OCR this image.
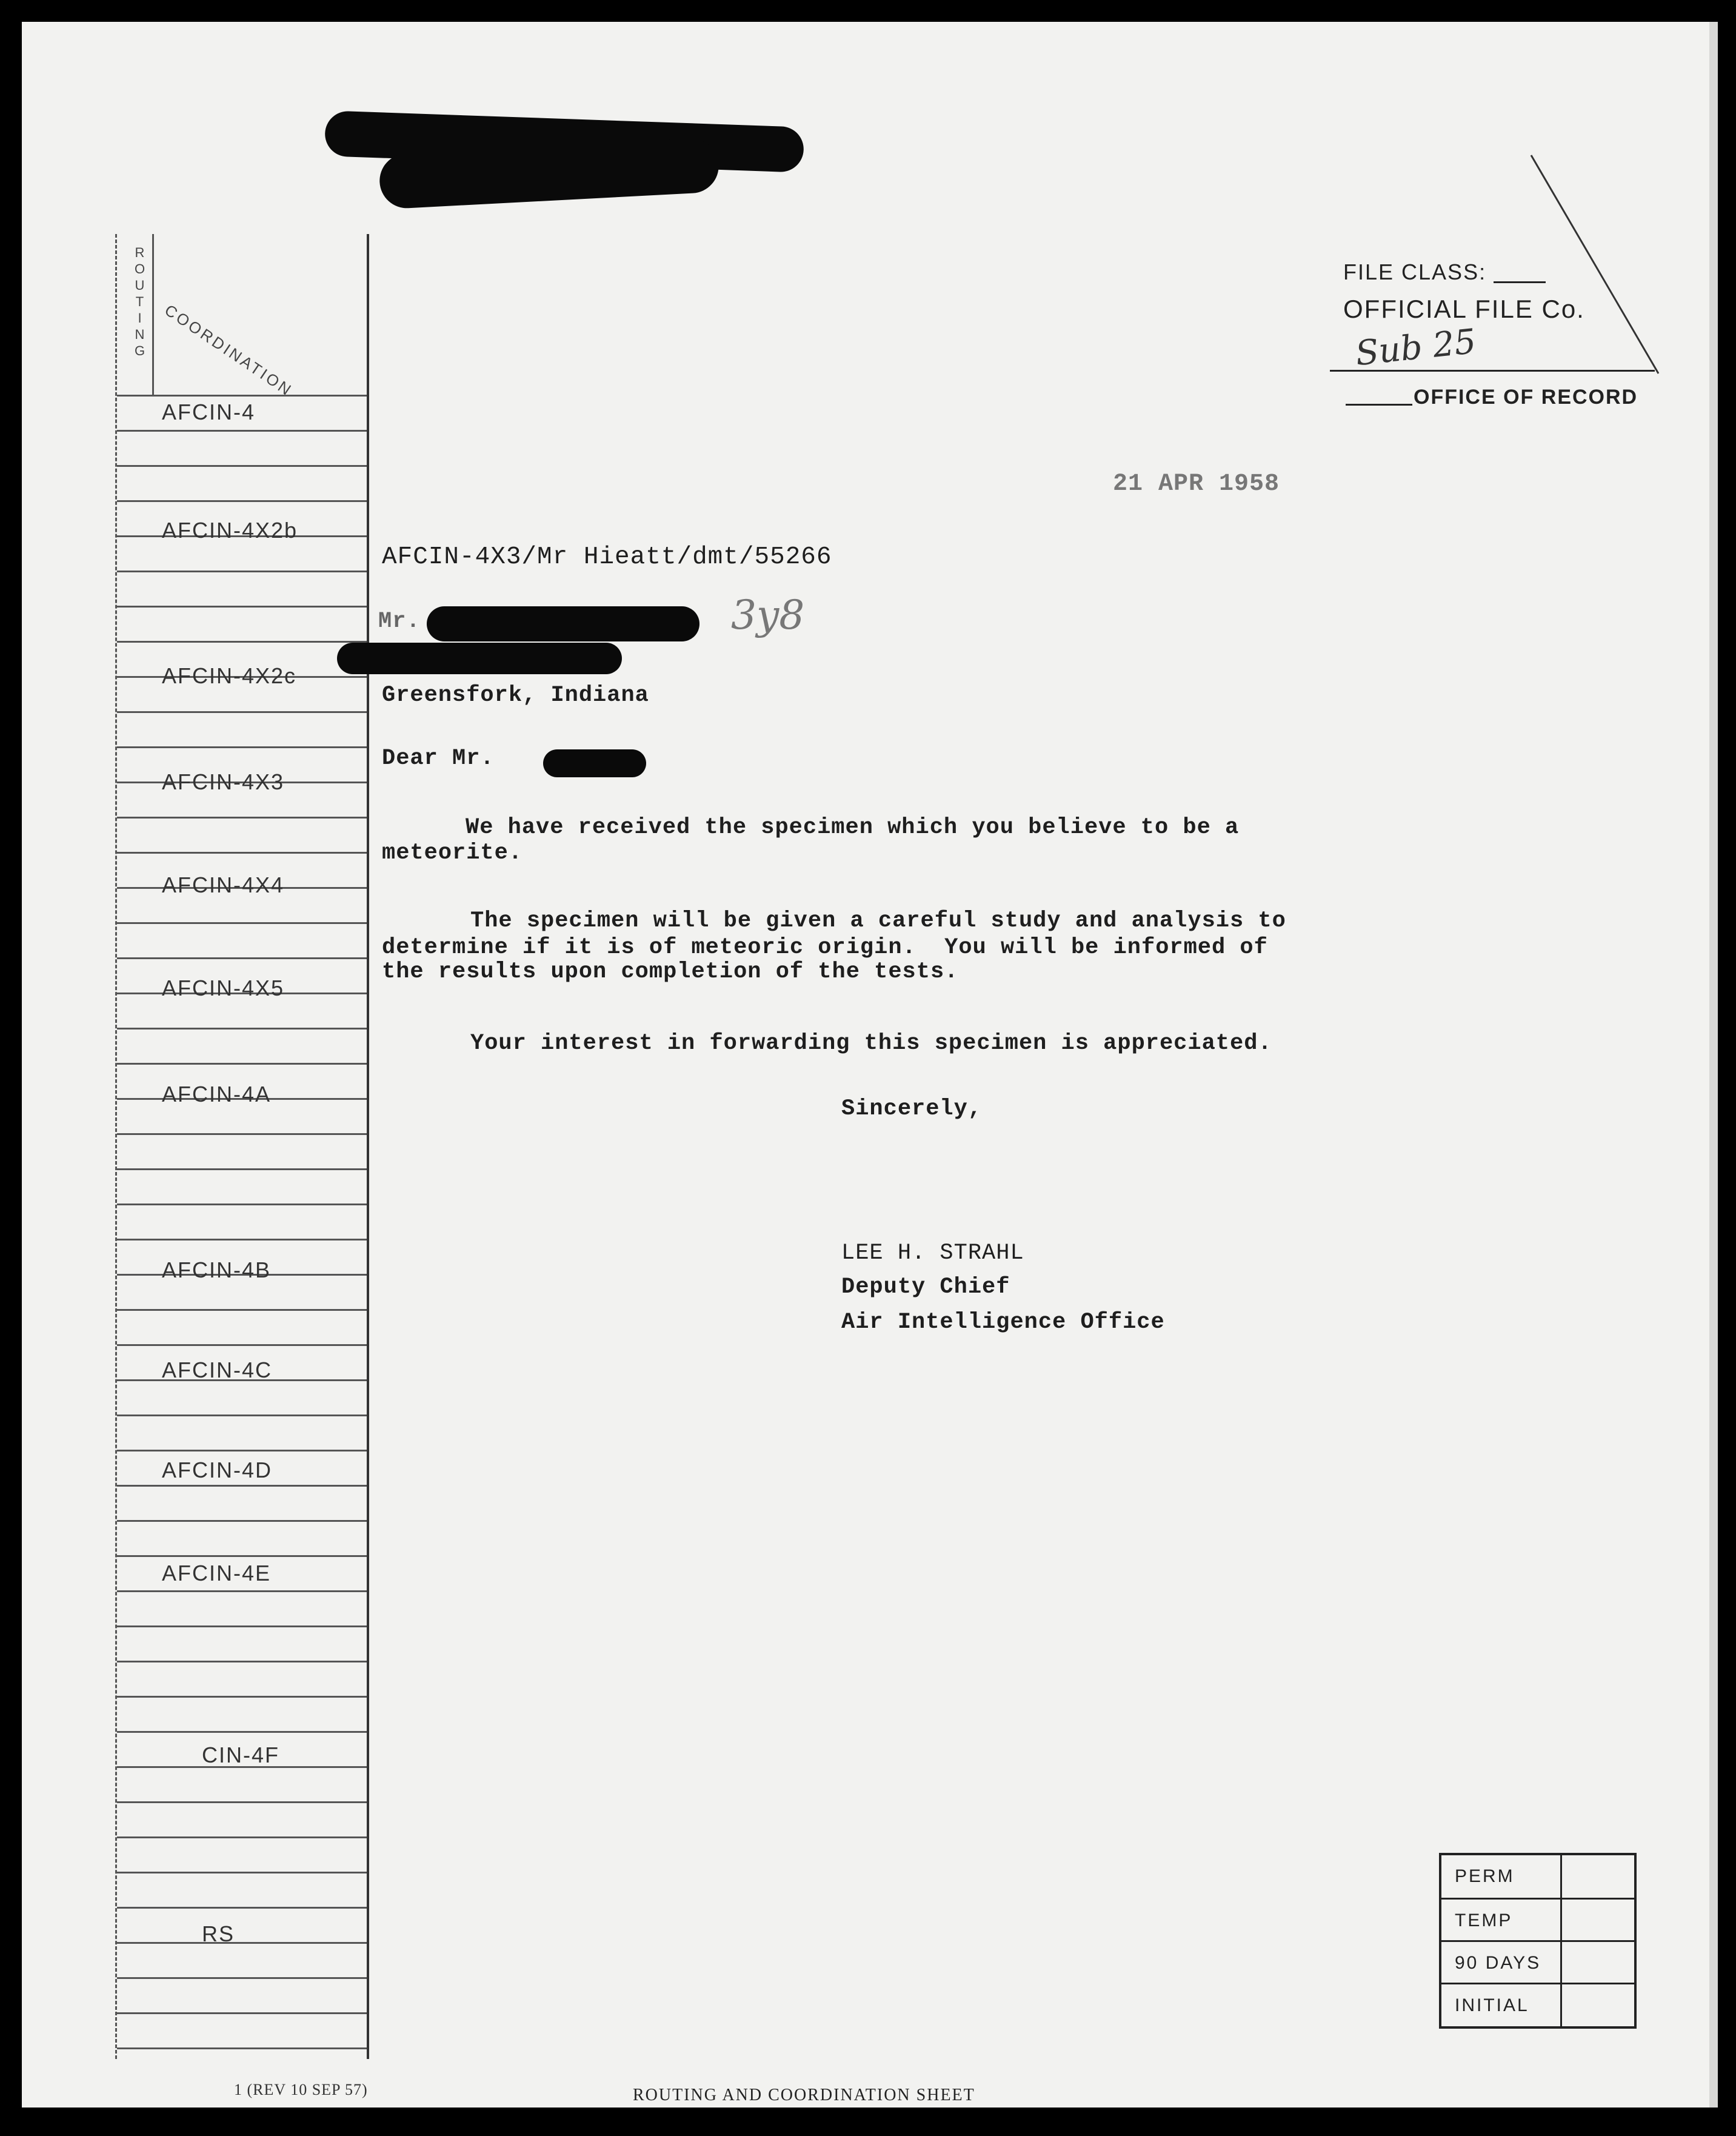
ROUTING COORDINATION
AFCIN-4
AFCIN-4X2b
AFCIN-4X2c
AFCIN-4X3
AFCIN-4X4
AFCIN-4X5
AFCIN-4A
AFCIN-4B
AFCIN-4C
AFCIN-4D
AFCIN-4E
CIN-4F
RS
FILE CLASS:
OFFICIAL FILE Co.
Sub 25
OFFICE OF RECORD
21 APR 1958
AFCIN-4X3/Mr Hieatt/dmt/55266
Mr.	3y8
Greensfork, Indiana
Dear Mr.
We have received the specimen which you believe to be a
meteorite.
The specimen will be given a careful study and analysis to
determine if it is of meteoric origin.  You will be informed of
the results upon completion of the tests.
Your interest in forwarding this specimen is appreciated.
Sincerely,
LEE H. STRAHL
Deputy Chief
Air Intelligence Office
PERM
TEMP
90 DAYS
INITIAL
1 (REV 10 SEP 57)	ROUTING AND COORDINATION SHEET
